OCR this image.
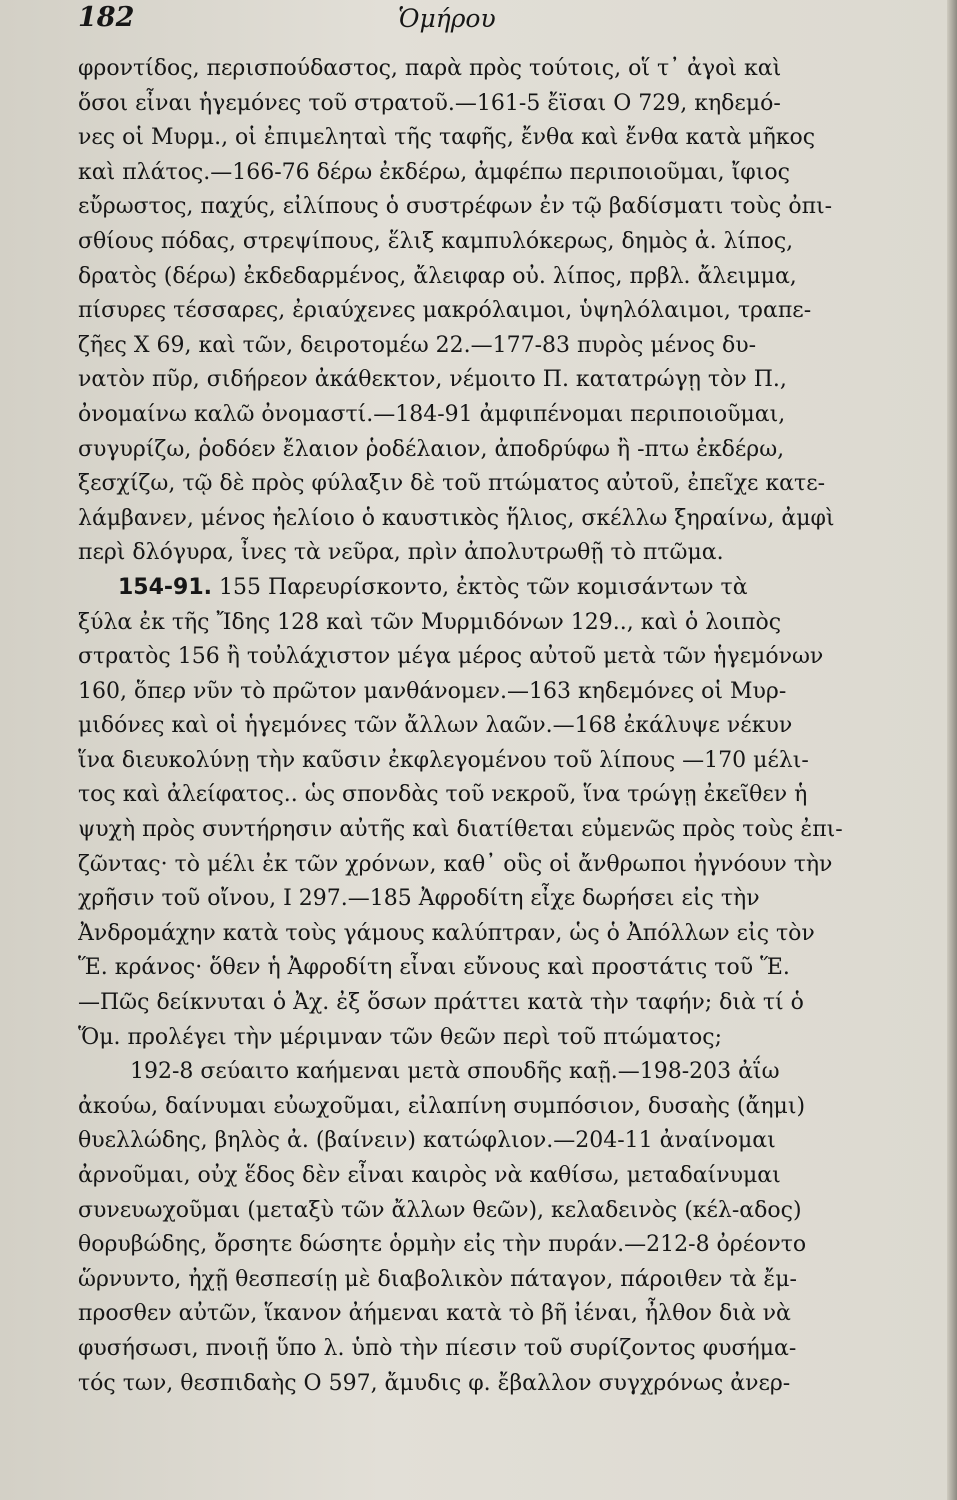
182	Ὁμήρου
φροντίδος, περισπούδαστος, παρὰ πρὸς τούτοις, οἵ τ᾿ ἀγοὶ καὶ
ὅσοι εἶναι ἡγεμόνες τοῦ στρατοῦ.—161-5 ἔϊσαι Ο 729, κηδεμό-
νες οἱ Μυρμ., οἱ ἐπιμεληταὶ τῆς ταφῆς, ἔνθα καὶ ἔνθα κατὰ μῆκος
καὶ πλάτος.—166-76 δέρω ἐκδέρω, ἀμφέπω περιποιοῦμαι, ἴφιος
εὔρωστος, παχύς, εἰλίπους ὁ συστρέφων ἐν τῷ βαδίσματι τοὺς ὀπι-
σθίους πόδας, στρεψίπους, ἕλιξ καμπυλόκερως, δημὸς ἀ. λίπος,
δρατὸς (δέρω) ἐκδεδαρμένος, ἄλειφαρ οὐ. λίπος, πρβλ. ἄλειμμα,
πίσυρες τέσσαρες, ἐριαύχενες μακρόλαιμοι, ὑψηλόλαιμοι, τραπε-
ζῆες Χ 69, καὶ τῶν, δειροτομέω 22.—177-83 πυρὸς μένος δυ-
νατὸν πῦρ, σιδήρεον ἀκάθεκτον, νέμοιτο Π. κατατρώγῃ τὸν Π.,
ὀνομαίνω καλῶ ὀνομαστί.—184-91 ἀμφιπένομαι περιποιοῦμαι,
συγυρίζω, ῥοδόεν ἔλαιον ῥοδέλαιον, ἀποδρύφω ἢ -πτω ἐκδέρω,
ξεσχίζω, τῷ δὲ πρὸς φύλαξιν δὲ τοῦ πτώματος αὐτοῦ, ἐπεῖχε κατε-
λάμβανεν, μένος ἠελίοιο ὁ καυστικὸς ἥλιος, σκέλλω ξηραίνω, ἀμφὶ
περὶ δλόγυρα, ἶνες τὰ νεῦρα, πρὶν ἀπολυτρωθῇ τὸ πτῶμα.
154-91. 155 Παρευρίσκοντο, ἐκτὸς τῶν κομισάντων τὰ
ξύλα ἐκ τῆς Ἴδης 128 καὶ τῶν Μυρμιδόνων 129.., καὶ ὁ λοιπὸς
στρατὸς 156 ἢ τοὐλάχιστον μέγα μέρος αὐτοῦ μετὰ τῶν ἡγεμόνων
160, ὅπερ νῦν τὸ πρῶτον μανθάνομεν.—163 κηδεμόνες οἱ Μυρ-
μιδόνες καὶ οἱ ἡγεμόνες τῶν ἄλλων λαῶν.—168 ἐκάλυψε νέκυν
ἵνα διευκολύνῃ τὴν καῦσιν ἐκφλεγομένου τοῦ λίπους —170 μέλι-
τος καὶ ἀλείφατος.. ὡς σπονδὰς τοῦ νεκροῦ, ἵνα τρώγῃ ἐκεῖθεν ἡ
ψυχὴ πρὸς συντήρησιν αὐτῆς καὶ διατίθεται εὐμενῶς πρὸς τοὺς ἐπι-
ζῶντας· τὸ μέλι ἐκ τῶν χρόνων, καθ᾿ οὓς οἱ ἄνθρωποι ἠγνόουν τὴν
χρῆσιν τοῦ οἴνου, Ι 297.—185 Ἀφροδίτη εἶχε δωρήσει εἰς τὴν
Ἀνδρομάχην κατὰ τοὺς γάμους καλύπτραν, ὡς ὁ Ἀπόλλων εἰς τὸν
Ἕ. κράνος· ὅθεν ἡ Ἀφροδίτη εἶναι εὔνους καὶ προστάτις τοῦ Ἕ.
—Πῶς δείκνυται ὁ Ἀχ. ἐξ ὅσων πράττει κατὰ τὴν ταφήν; διὰ τί ὁ
Ὅμ. προλέγει τὴν μέριμναν τῶν θεῶν περὶ τοῦ πτώματος;
192-8 σεύαιτο καήμεναι μετὰ σπουδῆς καῇ.—198-203 ἀΐω
ἀκούω, δαίνυμαι εὐωχοῦμαι, εἰλαπίνη συμπόσιον, δυσαὴς (ἄημι)
θυελλώδης, βηλὸς ἀ. (βαίνειν) κατώφλιον.—204-11 ἀναίνομαι
ἀρνοῦμαι, οὐχ ἕδος δὲν εἶναι καιρὸς νὰ καθίσω, μεταδαίνυμαι
συνευωχοῦμαι (μεταξὺ τῶν ἄλλων θεῶν), κελαδεινὸς (κέλ-αδος)
θορυβώδης, ὄρσητε δώσητε ὁρμὴν εἰς τὴν πυράν.—212-8 ὀρέοντο
ὥρνυντο, ἠχῇ θεσπεσίῃ μὲ διαβολικὸν πάταγον, πάροιθεν τὰ ἔμ-
προσθεν αὐτῶν, ἵκανον ἀήμεναι κατὰ τὸ βῆ ἰέναι, ἦλθον διὰ νὰ
φυσήσωσι, πνοιῇ ὕπο λ. ὑπὸ τὴν πίεσιν τοῦ συρίζοντος φυσήμα-
τός των, θεσπιδαὴς Ο 597, ἄμυδις φ. ἔβαλλον συγχρόνως ἀνερ-
